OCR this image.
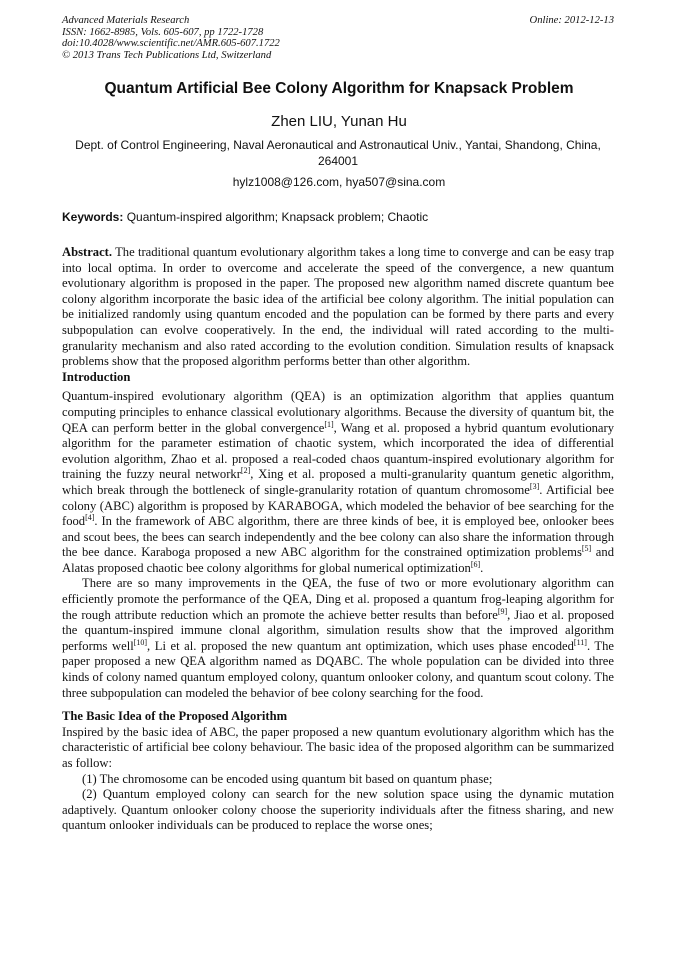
Advanced Materials Research
ISSN: 1662-8985, Vols. 605-607, pp 1722-1728
doi:10.4028/www.scientific.net/AMR.605-607.1722
© 2013 Trans Tech Publications Ltd, Switzerland
Online: 2012-12-13
Quantum Artificial Bee Colony Algorithm for Knapsack Problem
Zhen LIU, Yunan Hu
Dept. of Control Engineering, Naval Aeronautical and Astronautical Univ., Yantai, Shandong, China, 264001
hylz1008@126.com, hya507@sina.com
Keywords: Quantum-inspired algorithm; Knapsack problem; Chaotic

Abstract. The traditional quantum evolutionary algorithm takes a long time to converge and can be easy trap into local optima. In order to overcome and accelerate the speed of the convergence, a new quantum evolutionary algorithm is proposed in the paper. The proposed new algorithm named discrete quantum bee colony algorithm incorporate the basic idea of the artificial bee colony algorithm. The initial population can be initialized randomly using quantum encoded and the population can be formed by there parts and every subpopulation can evolve cooperatively. In the end, the individual will rated according to the multi-granularity mechanism and also rated according to the evolution condition. Simulation results of knapsack problems show that the proposed algorithm performs better than other algorithm.

Introduction

Quantum-inspired evolutionary algorithm (QEA) is an optimization algorithm that applies quantum computing principles to enhance classical evolutionary algorithms. Because the diversity of quantum bit, the QEA can perform better in the global convergence[1], Wang et al. proposed a hybrid quantum evolutionary algorithm for the parameter estimation of chaotic system, which incorporated the idea of differential evolution algorithm, Zhao et al. proposed a real-coded chaos quantum-inspired evolutionary algorithm for training the fuzzy neural networkr[2], Xing et al. proposed a multi-granularity quantum genetic algorithm, which break through the bottleneck of single-granularity rotation of quantum chromosome[3]. Artificial bee colony (ABC) algorithm is proposed by KARABOGA, which modeled the behavior of bee searching for the food[4]. In the framework of ABC algorithm, there are three kinds of bee, it is employed bee, onlooker bees and scout bees, the bees can search independently and the bee colony can also share the information through the bee dance. Karaboga proposed a new ABC algorithm for the constrained optimization problems[5] and Alatas proposed chaotic bee colony algorithms for global numerical optimization[6].

There are so many improvements in the QEA, the fuse of two or more evolutionary algorithm can efficiently promote the performance of the QEA, Ding et al. proposed a quantum frog-leaping algorithm for the rough attribute reduction which an promote the achieve better results than before[9], Jiao et al. proposed the quantum-inspired immune clonal algorithm, simulation results show that the improved algorithm performs well[10], Li et al. proposed the new quantum ant optimization, which uses phase encoded[11]. The paper proposed a new QEA algorithm named as DQABC. The whole population can be divided into three kinds of colony named quantum employed colony, quantum onlooker colony, and quantum scout colony. The three subpopulation can modeled the behavior of bee colony searching for the food.

The Basic Idea of the Proposed Algorithm

Inspired by the basic idea of ABC, the paper proposed a new quantum evolutionary algorithm which has the characteristic of artificial bee colony behaviour. The basic idea of the proposed algorithm can be summarized as follow:

(1) The chromosome can be encoded using quantum bit based on quantum phase;

(2) Quantum employed colony can search for the new solution space using the dynamic mutation adaptively. Quantum onlooker colony choose the superiority individuals after the fitness sharing, and new quantum onlooker individuals can be produced to replace the worse ones;
